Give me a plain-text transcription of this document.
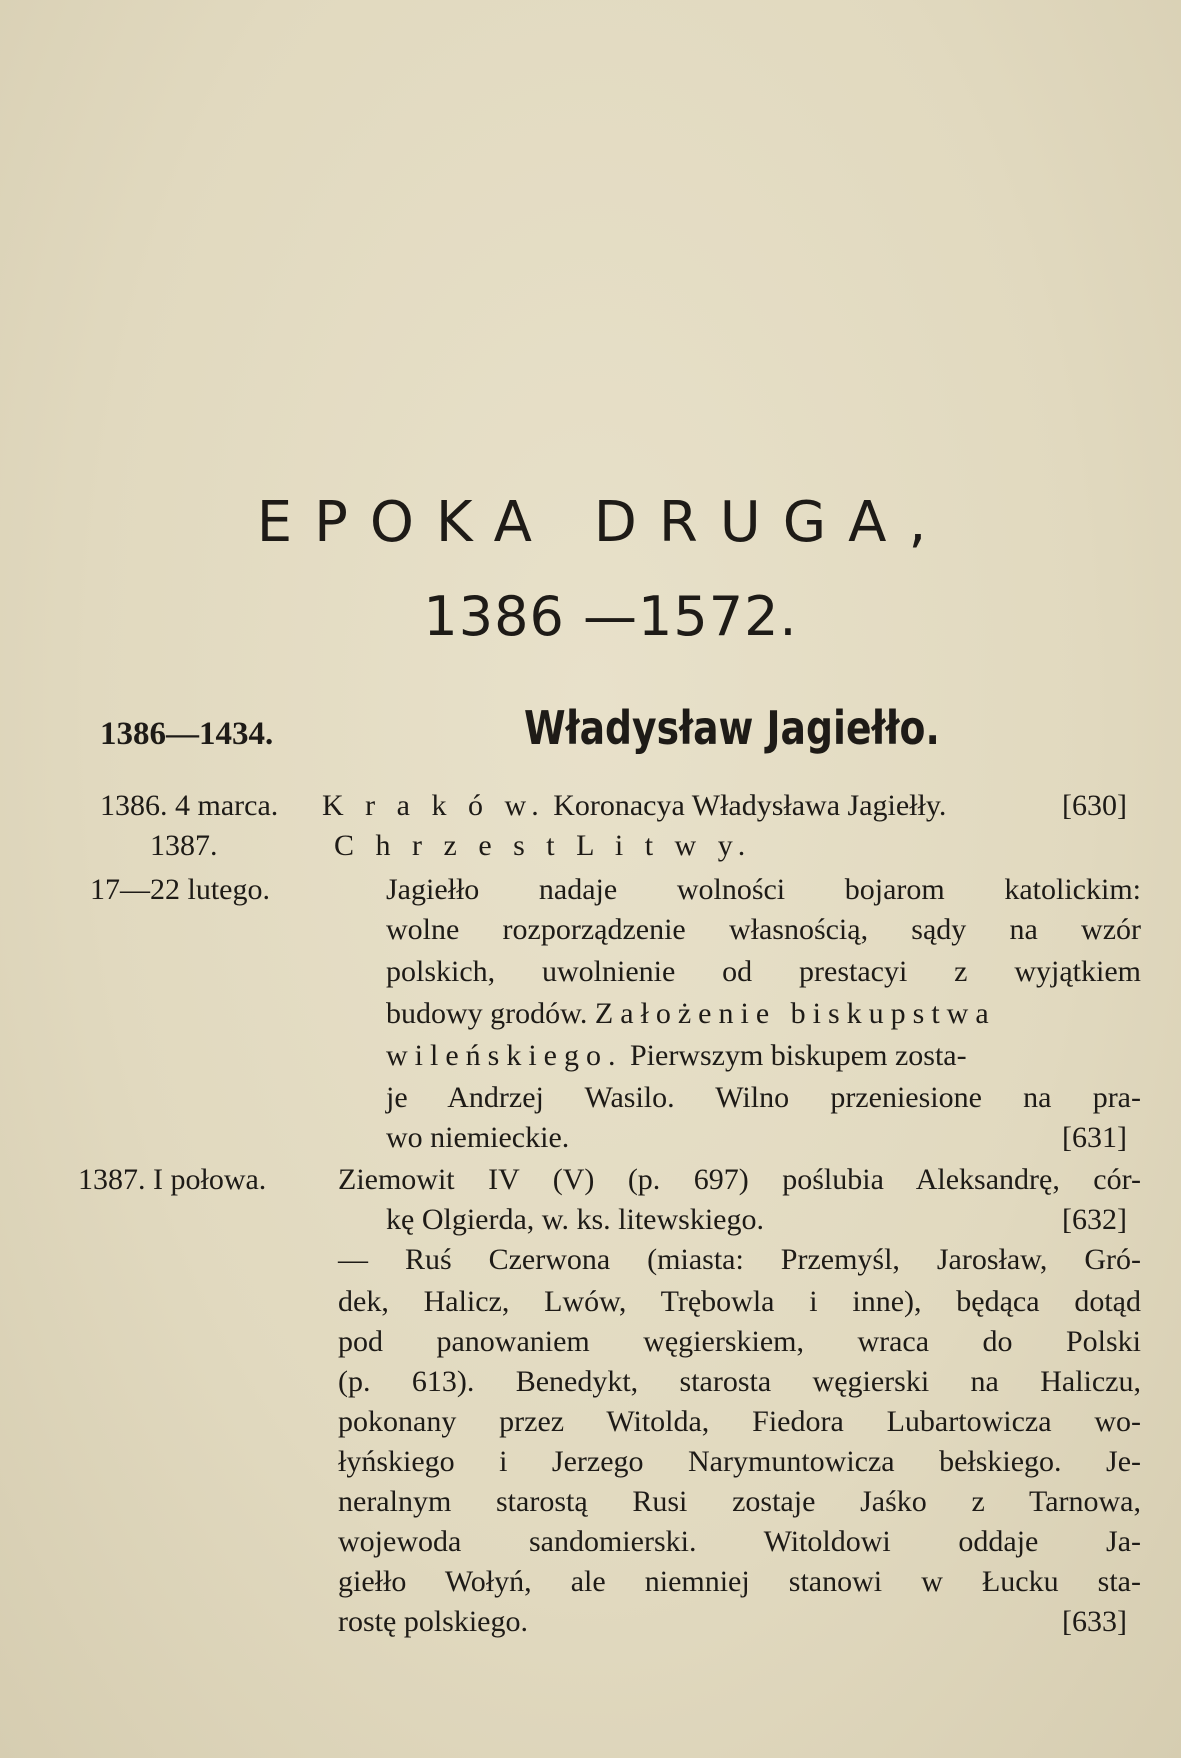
EPOKA DRUGA,
1386 —1572.
1386—1434.	Władysław Jagiełło.
1386. 4 marca. K r a k ó w. Koronacya Władysława Jagiełły.	[630]
1387.	C h r z e s t L i t w y.
17—22 lutego.	Jagiełło nadaje wolności bojarom katolickim:
wolne rozporządzenie własnością, sądy na wzór
polskich, uwolnienie od prestacyi z wyjątkiem
budowy grodów. Założenie biskupstwa
wileńskiego. Pierwszym biskupem zosta-
je Andrzej Wasilo. Wilno przeniesione na pra-
wo niemieckie.	[631]
1387. I połowa. Ziemowit IV (V) (p. 697) poślubia Aleksandrę, cór-
kę Olgierda, w. ks. litewskiego.	[632]
— Ruś Czerwona (miasta: Przemyśl, Jarosław, Gró-
dek, Halicz, Lwów, Trębowla i inne), będąca dotąd
pod panowaniem węgierskiem, wraca do Polski
(p. 613). Benedykt, starosta węgierski na Haliczu,
pokonany przez Witolda, Fiedora Lubartowicza wo-
łyńskiego i Jerzego Narymuntowicza bełskiego. Je-
neralnym starostą Rusi zostaje Jaśko z Tarnowa,
wojewoda sandomierski. Witoldowi oddaje Ja-
giełło Wołyń, ale niemniej stanowi w Łucku sta-
rostę polskiego.	[633]
